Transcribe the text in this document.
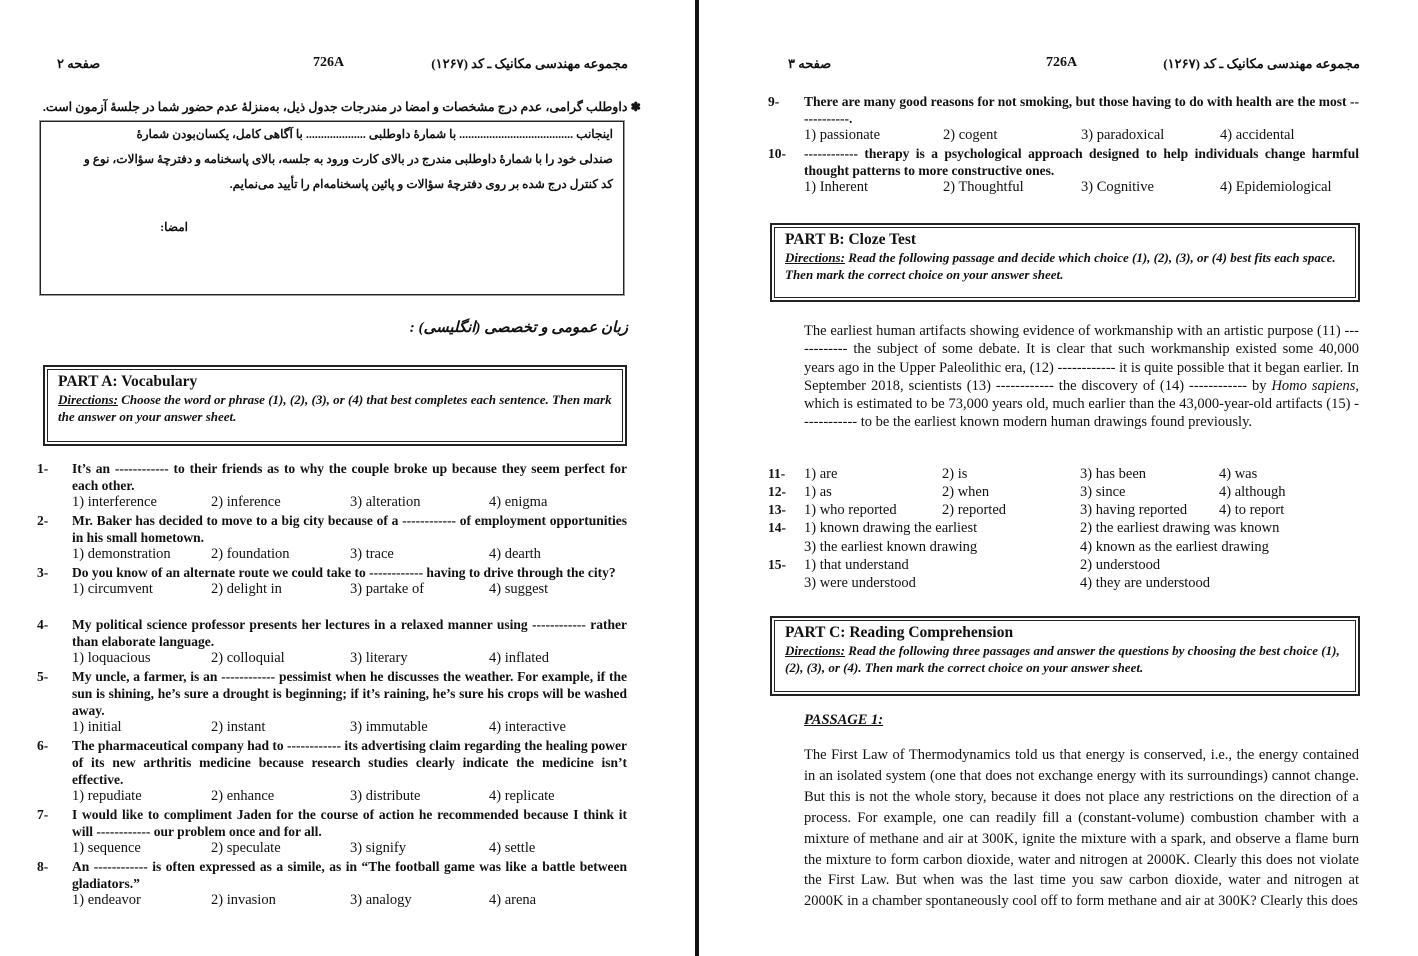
صفحه ۲	726A	مجموعه مهندسی مکانیک ـ کد (۱۲۶۷)
✽ داوطلب گرامی، عدم درج مشخصات و امضا در مندرجات جدول ذیل، به‌منزلهٔ عدم حضور شما در جلسهٔ آزمون است.
اینجانب ...................................... با شمارهٔ داوطلبی .................... با آگاهی کامل، یکسان‌بودن شمارهٔ
صندلی خود را با شمارهٔ داوطلبی مندرج در بالای کارت ورود به جلسه، بالای پاسخنامه و دفترچهٔ سؤالات، نوع و
کد کنترل درج شده بر روی دفترچهٔ سؤالات و پائین پاسخنامه‌ام را تأیید می‌نمایم.
امضا:
زبان عمومی و تخصصی (انگلیسی) :
PART A: Vocabulary
Directions: Choose the word or phrase (1), (2), (3), or (4) that best completes each sentence. Then mark the answer on your answer sheet.
1- It’s an ------------ to their friends as to why the couple broke up because they seem perfect for each other.
1) interference	2) inference	3) alteration	4) enigma
2- Mr. Baker has decided to move to a big city because of a ------------ of employment opportunities in his small hometown.
1) demonstration	2) foundation	3) trace	4) dearth
3- Do you know of an alternate route we could take to ------------ having to drive through the city?
1) circumvent	2) delight in	3) partake of	4) suggest
4- My political science professor presents her lectures in a relaxed manner using ------------ rather than elaborate language.
1) loquacious	2) colloquial	3) literary	4) inflated
5- My uncle, a farmer, is an ------------ pessimist when he discusses the weather. For example, if the sun is shining, he’s sure a drought is beginning; if it’s raining, he’s sure his crops will be washed away.
1) initial	2) instant	3) immutable	4) interactive
6- The pharmaceutical company had to ------------ its advertising claim regarding the healing power of its new arthritis medicine because research studies clearly indicate the medicine isn’t effective.
1) repudiate	2) enhance	3) distribute	4) replicate
7- I would like to compliment Jaden for the course of action he recommended because I think it will ------------ our problem once and for all.
1) sequence	2) speculate	3) signify	4) settle
8- An ------------ is often expressed as a simile, as in “The football game was like a battle between gladiators.”
1) endeavor	2) invasion	3) analogy	4) arena
صفحه ۳	726A	مجموعه مهندسی مکانیک ـ کد (۱۲۶۷)
9- There are many good reasons for not smoking, but those having to do with health are the most ------------.
1) passionate	2) cogent	3) paradoxical	4) accidental
10- ------------ therapy is a psychological approach designed to help individuals change harmful thought patterns to more constructive ones.
1) Inherent	2) Thoughtful	3) Cognitive	4) Epidemiological
PART B: Cloze Test
Directions: Read the following passage and decide which choice (1), (2), (3), or (4) best fits each space. Then mark the correct choice on your answer sheet.
The earliest human artifacts showing evidence of workmanship with an artistic purpose (11) ------------ the subject of some debate. It is clear that such workmanship existed some 40,000 years ago in the Upper Paleolithic era, (12) ------------ it is quite possible that it began earlier. In September 2018, scientists (13) ------------ the discovery of (14) ------------ by Homo sapiens, which is estimated to be 73,000 years old, much earlier than the 43,000-year-old artifacts (15) ------------ to be the earliest known modern human drawings found previously.
11- 1) are	2) is	3) has been	4) was
12- 1) as	2) when	3) since	4) although
13- 1) who reported	2) reported	3) having reported 4) to report
14- 1) known drawing the earliest	2) the earliest drawing was known
3) the earliest known drawing	4) known as the earliest drawing
15- 1) that understand	2) understood
3) were understood	4) they are understood
PART C: Reading Comprehension
Directions: Read the following three passages and answer the questions by choosing the best choice (1), (2), (3), or (4). Then mark the correct choice on your answer sheet.
PASSAGE 1:
The First Law of Thermodynamics told us that energy is conserved, i.e., the energy contained in an isolated system (one that does not exchange energy with its surroundings) cannot change. But this is not the whole story, because it does not place any restrictions on the direction of a process. For example, one can readily fill a (constant-volume) combustion chamber with a mixture of methane and air at 300K, ignite the mixture with a spark, and observe a flame burn the mixture to form carbon dioxide, water and nitrogen at 2000K. Clearly this does not violate the First Law. But when was the last time you saw carbon dioxide, water and nitrogen at 2000K in a chamber spontaneously cool off to form methane and air at 300K? Clearly this does
